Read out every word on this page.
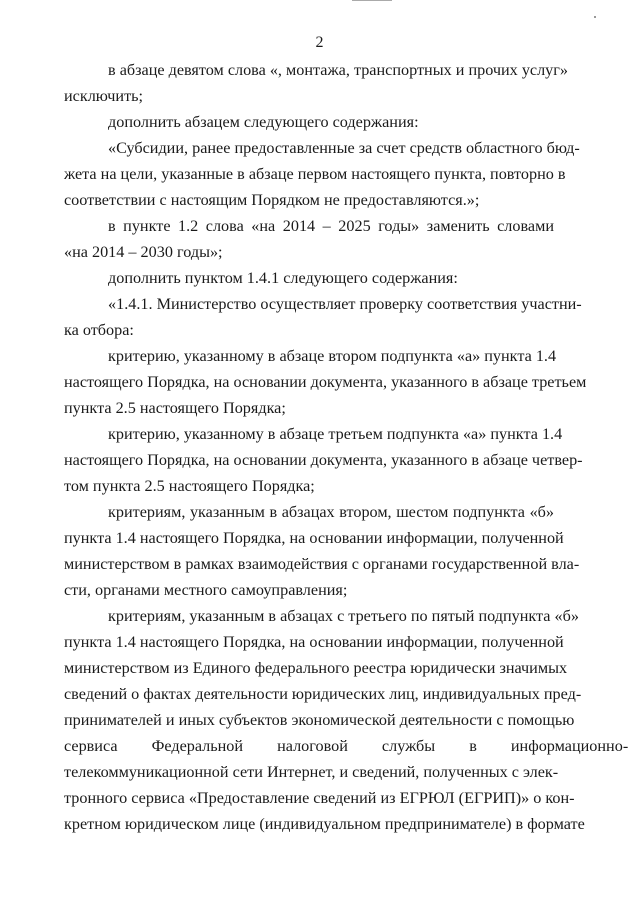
2
в абзаце девятом слова «, монтажа, транспортных и прочих услуг»
исключить;
дополнить абзацем следующего содержания:
«Субсидии, ранее предоставленные за счет средств областного бюд-
жета на цели, указанные в абзаце первом настоящего пункта, повторно в
соответствии с настоящим Порядком не предоставляются.»;
в пункте 1.2 слова «на 2014 – 2025 годы» заменить словами
«на 2014 – 2030 годы»;
дополнить пунктом 1.4.1 следующего содержания:
«1.4.1. Министерство осуществляет проверку соответствия участни-
ка отбора:
критерию, указанному в абзаце втором подпункта «а» пункта 1.4
настоящего Порядка, на основании документа, указанного в абзаце третьем
пункта 2.5 настоящего Порядка;
критерию, указанному в абзаце третьем подпункта «а» пункта 1.4
настоящего Порядка, на основании документа, указанного в абзаце четвер-
том пункта 2.5 настоящего Порядка;
критериям, указанным в абзацах втором, шестом подпункта «б»
пункта 1.4 настоящего Порядка, на основании информации, полученной
министерством в рамках взаимодействия с органами государственной вла-
сти, органами местного самоуправления;
критериям, указанным в абзацах с третьего по пятый подпункта «б»
пункта 1.4 настоящего Порядка, на основании информации, полученной
министерством из Единого федерального реестра юридически значимых
сведений о фактах деятельности юридических лиц, индивидуальных пред-
принимателей и иных субъектов экономической деятельности с помощью
сервиса Федеральной налоговой службы в информационно-
телекоммуникационной сети Интернет, и сведений, полученных с элек-
тронного сервиса «Предоставление сведений из ЕГРЮЛ (ЕГРИП)» о кон-
кретном юридическом лице (индивидуальном предпринимателе) в формате
